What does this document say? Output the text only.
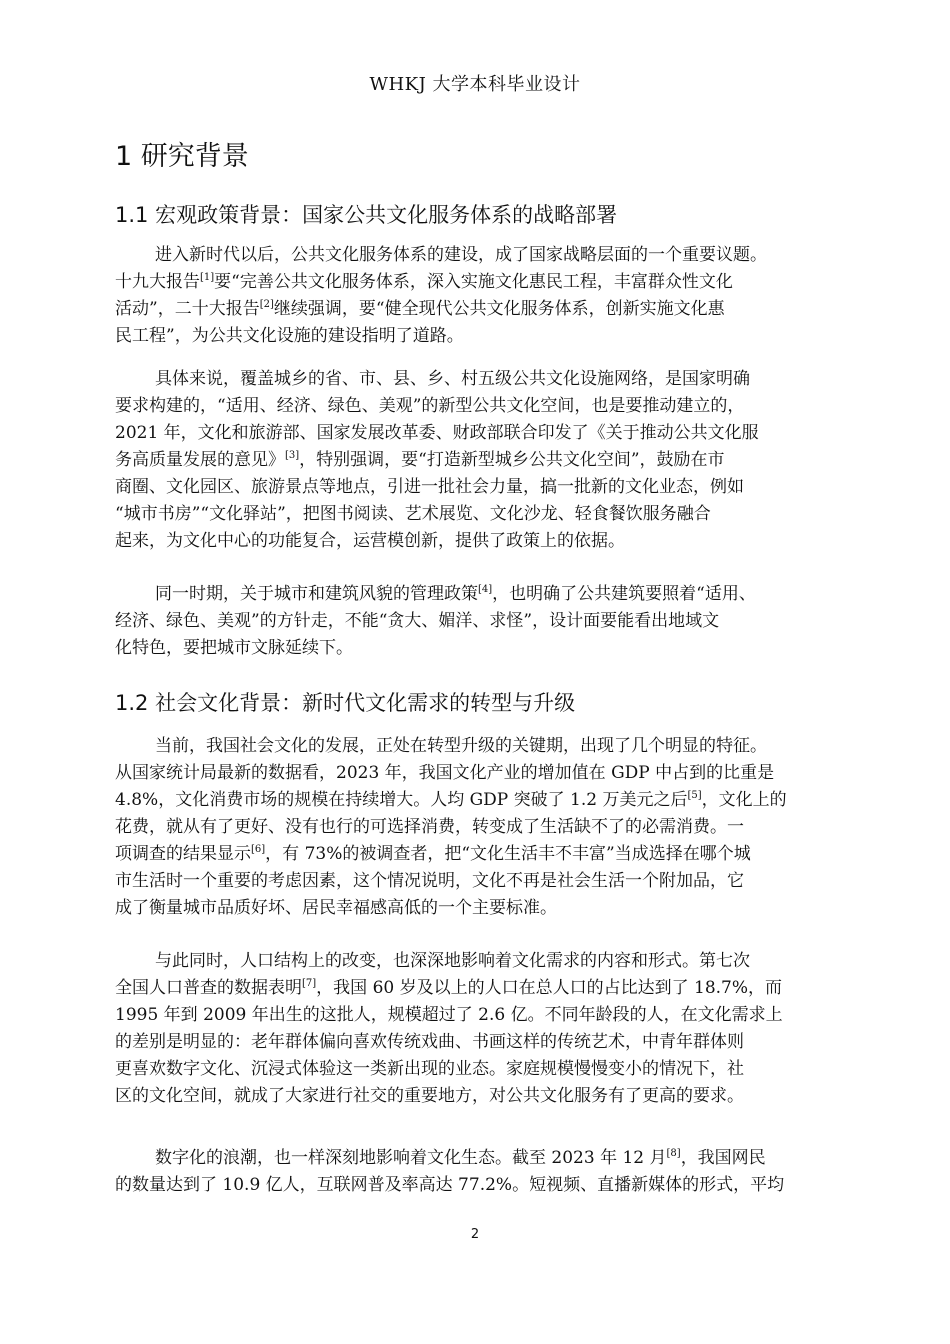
WHKJ 大学本科毕业设计
1 研究背景
1.1 宏观政策背景：国家公共文化服务体系的战略部署

进入新时代以后，公共文化服务体系的建设，成了国家战略层面的一个重要议题。
十九大报告[1]要“完善公共文化服务体系，深入实施文化惠民工程，丰富群众性文化
活动”，二十大报告[2]继续强调，要“健全现代公共文化服务体系，创新实施文化惠
民工程”，为公共文化设施的建设指明了道路。

具体来说，覆盖城乡的省、市、县、乡、村五级公共文化设施网络，是国家明确
要求构建的，“适用、经济、绿色、美观”的新型公共文化空间，也是要推动建立的，
2021 年，文化和旅游部、国家发展改革委、财政部联合印发了《关于推动公共文化服
务高质量发展的意见》[3]，特别强调，要“打造新型城乡公共文化空间”，鼓励在市
商圈、文化园区、旅游景点等地点，引进一批社会力量，搞一批新的文化业态，例如
“城市书房”“文化驿站”，把图书阅读、艺术展览、文化沙龙、轻食餐饮服务融合
起来，为文化中心的功能复合，运营模创新，提供了政策上的依据。

同一时期，关于城市和建筑风貌的管理政策[4]，也明确了公共建筑要照着“适用、
经济、绿色、美观”的方针走，不能“贪大、媚洋、求怪”，设计面要能看出地域文
化特色，要把城市文脉延续下。

1.2 社会文化背景：新时代文化需求的转型与升级

当前，我国社会文化的发展，正处在转型升级的关键期，出现了几个明显的特征。
从国家统计局最新的数据看，2023 年，我国文化产业的增加值在 GDP 中占到的比重是
4.8%，文化消费市场的规模在持续增大。人均 GDP 突破了 1.2 万美元之后[5]，文化上的
花费，就从有了更好、没有也行的可选择消费，转变成了生活缺不了的必需消费。一
项调查的结果显示[6]，有 73%的被调查者，把“文化生活丰不丰富”当成选择在哪个城
市生活时一个重要的考虑因素，这个情况说明，文化不再是社会生活一个附加品，它
成了衡量城市品质好坏、居民幸福感高低的一个主要标准。

与此同时，人口结构上的改变，也深深地影响着文化需求的内容和形式。第七次
全国人口普查的数据表明[7]，我国 60 岁及以上的人口在总人口的占比达到了 18.7%，而
1995 年到 2009 年出生的这批人，规模超过了 2.6 亿。不同年龄段的人，在文化需求上
的差别是明显的：老年群体偏向喜欢传统戏曲、书画这样的传统艺术，中青年群体则
更喜欢数字文化、沉浸式体验这一类新出现的业态。家庭规模慢慢变小的情况下，社
区的文化空间，就成了大家进行社交的重要地方，对公共文化服务有了更高的要求。

数字化的浪潮，也一样深刻地影响着文化生态。截至 2023 年 12 月[8]，我国网民
的数量达到了 10.9 亿人，互联网普及率高达 77.2%。短视频、直播新媒体的形式，平均

2
